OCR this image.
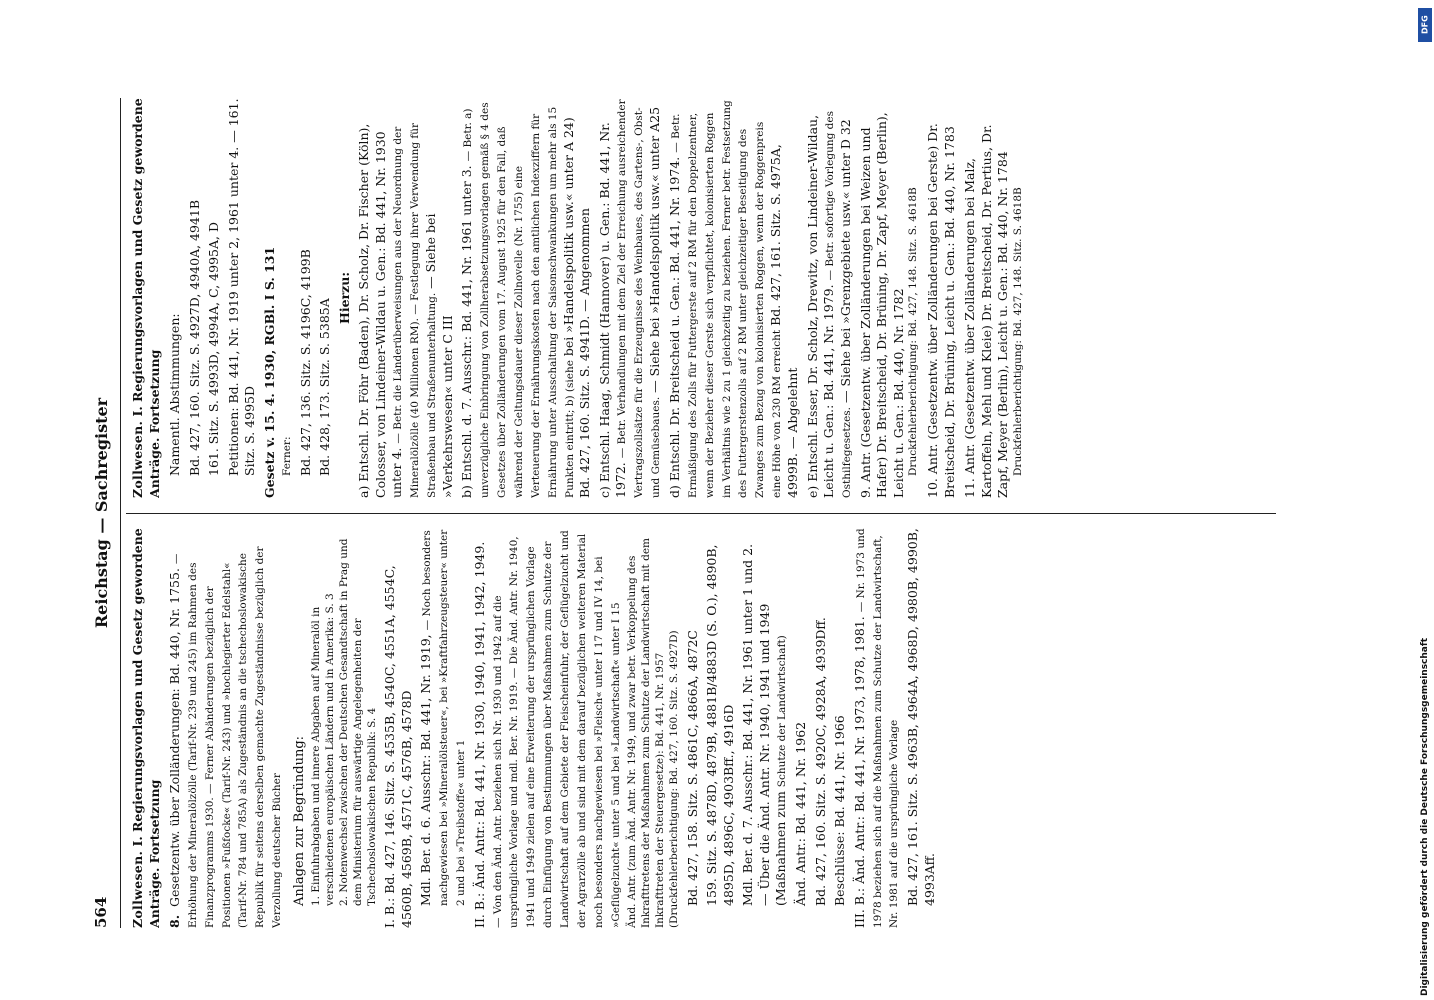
564
Reichstag — Sachregister
Zollwesen. I. Regierungsvorlagen und Gesetz gewordene Anträge. Fortsetzung 8. Gesetzentw. über Zolländerungen: Bd. 440, Nr. 1755. — Erhöhung der Mineralölzölle (Tarif-Nr. 239 und 245) im Rahmen des Finanzprogramms 1930. — Ferner Abänderungen bezüglich der Positionen »Fußfocke« (Tarif-Nr. 243) und »hochlegierter Edelstahl« (Tarif-Nr. 784 und 785A) als Zugeständnis an die tschechoslowakische Republik für seitens derselben gemachte Zugeständnisse bezüglich der Verzollung deutscher Bücher Anlagen zur Begründung: 1. Einfuhrabgaben und innere Abgaben auf Mineralöl in verschiedenen europäischen Ländern und in Amerika: S. 3 2. Notenwechsel zwischen der Deutschen Gesandtschaft in Prag und dem Ministerium für auswärtige Angelegenheiten der Tschechoslowakischen Republik: S. 4 I. B.: Bd. 427, 146. Sitz. S. 4535B, 4540C, 4551A, 4554C, 4560B, 4569B, 4571C, 4576B, 4578D Mdl. Ber. d. 6. Ausschr.: Bd. 441, Nr. 1919, — Noch besonders nachgewiesen bei »Mineralölsteuer«, bei »Kraftfahrzeugsteuer« unter 2 und bei »Treibstoffe« unter 1 II. B.: Änd. Antr.: Bd. 441, Nr. 1930, 1940, 1941, 1942, 1949. — Von den Änd. Antr. beziehen sich Nr. 1930 und 1942 auf die ursprüngliche Vorlage und mdl. Ber. Nr. 1919. — Die Änd. Antr. Nr. 1940, 1941 und 1949 zielen auf eine Erweiterung der ursprünglichen Vorlage durch Einfügung von Bestimmungen über Maßnahmen zum Schutze der Landwirtschaft auf dem Gebiete der Fleischeinfuhr, der Geflügelzucht und der Agrarzölle ab und sind mit dem darauf bezüglichen weiteren Material noch besonders nachgewiesen bei »Fleisch« unter I 17 und IV 14, bei »Geflügelzucht« unter 5 und bei »Landwirtschaft« unter I 15 Änd. Antr. (zum Änd. Antr. Nr. 1949, und zwar betr. Verkoppelung des Inkrafttretens der Maßnahmen zum Schutze der Landwirtschaft mit dem Inkrafttreten der Steuergesetze): Bd. 441, Nr. 1957 (Druckfehlerberichtigung: Bd. 427, 160. Sitz. S. 4927D) Bd. 427, 158. Sitz. S. 4861C, 4866A, 4872C 159. Sitz. S. 4878D, 4879B, 4881B/4883D (S. O.), 4890B, 4895D, 4896C, 4903Bff., 4916D Mdl. Ber. d. 7. Ausschr.: Bd. 441, Nr. 1961 unter 1 und 2. — Über die Änd. Antr. Nr. 1940, 1941 und 1949 (Maßnahmen zum Schutze der Landwirtschaft)
Änd. Antr.: Bd. 441, Nr. 1962 Bd. 427, 160. Sitz. S. 4920C, 4928A, 4939Dff. Beschlüsse: Bd. 441, Nr. 1966 III. B.: Änd. Antr.: Bd. 441, Nr. 1973, 1978, 1981. — Nr. 1973 und 1978 beziehen sich auf die Maßnahmen zum Schutze der Landwirtschaft, Nr. 1981 auf die ursprüngliche Vorlage Bd. 427, 161. Sitz. S. 4963B, 4964A, 4968D, 4980B, 4990B, 4993Aff.
Zollwesen. I. Regierungsvorlagen und Gesetz gewordene Anträge. Fortsetzung Namentl. Abstimmungen: Bd. 427, 160. Sitz. S. 4927D, 4940A, 4941B 161. Sitz. S. 4993D, 4994A, C, 4995A, D Petitionen: Bd. 441, Nr. 1919 unter 2, 1961 unter 4. — 161. Sitz. S. 4995D Gesetz v. 15. 4. 1930, RGBl. I S. 131 Ferner: Bd. 427, 136. Sitz. S. 4196C, 4199B Bd. 428, 173. Sitz. S. 5385A
Hierzu: a) Entschl. Dr. Föhr (Baden), Dr. Scholz, Dr. Fischer (Köln), Colosser, von Lindeiner-Wildau u. Gen.: Bd. 441, Nr. 1930 unter 4. — Betr. die Länderüberweisungen aus der Neuordnung der Mineralölzölle (40 Millionen RM). — Festlegung ihrer Verwendung für Straßenbau und Straßenunterhaltung. — Siehe bei »Verkehrswesen« unter C III b) Entschl. d. 7. Ausschr.: Bd. 441, Nr. 1961 unter 3. — Betr. a) unverzügliche Einbringung von Zollherabsetzungsvorlagen gemäß § 4 des Gesetzes über Zolländerungen vom 17. August 1925 für den Fall, daß während der Geltungsdauer dieser Zollnovelle (Nr. 1755) eine Verteuerung der Ernährungskosten nach den amtlichen Indexziffern für Ernährung unter Ausschaltung der Saisonschwankungen um mehr als 15 Punkten eintritt; b) (siehe bei »Handelspolitik usw.« unter A 24) Bd. 427, 160. Sitz. S. 4941D. — Angenommen c) Entschl. Haag, Schmidt (Hannover) u. Gen.: Bd. 441, Nr. 1972. — Betr. Verhandlungen mit dem Ziel der Erreichung ausreichender Vertragszollsätze für die Erzeugnisse des Weinbaues, des Gartens-, Obst- und Gemüsebaues. — Siehe bei »Handelspolitik usw.« unter A25 d) Entschl. Dr. Breitscheid u. Gen.: Bd. 441, Nr. 1974. — Betr. Ermäßigung des Zolls für Futtergerste auf 2 RM für den Doppelzentner, wenn der Bezieher dieser Gerste sich verpflichtet, kolonisierten Roggen im Verhältnis wie 2 zu 1 gleichzeitig zu beziehen. Ferner betr. Festsetzung des Futtergerstenzolls auf 2 RM unter gleichzeitiger Beseitigung des Zwanges zum Bezug von kolonisierten Roggen, wenn der Roggenpreis eine Höhe von 230 RM erreicht Bd. 427, 161. Sitz. S. 4975A, 4999B. — Abgelehnt e) Entschl. Esser, Dr. Scholz, Drewitz, von Lindeiner-Wildau, Leicht u. Gen.: Bd. 441, Nr. 1979. — Betr. sofortige Vorlegung des Osthilfegesetzes. — Siehe bei »Grenzgebiete usw.« unter D 32 9. Antr. (Gesetzentw. über Zolländerungen bei Weizen und Hafer) Dr. Breitscheid, Dr. Brüning, Dr. Zapf, Meyer (Berlin), Leicht u. Gen.: Bd. 440, Nr. 1782 Druckfehlerberichtigung: Bd. 427, 148. Sitz. S. 4618B 10. Antr. (Gesetzentw. über Zolländerungen bei Gerste) Dr. Breitscheid, Dr. Brüning, Leicht u. Gen.: Bd. 440, Nr. 1783 11. Antr. (Gesetzentw. über Zolländerungen bei Malz, Kartoffeln, Mehl und Kleie) Dr. Breitscheid, Dr. Pertius, Dr. Zapf, Meyer (Berlin), Leicht u. Gen.: Bd. 440, Nr. 1784 Druckfehlerberichtigung: Bd. 427, 148. Sitz. S. 4618B
DFG
Digitalisierung gefördert durch die Deutsche Forschungsgemeinschaft
